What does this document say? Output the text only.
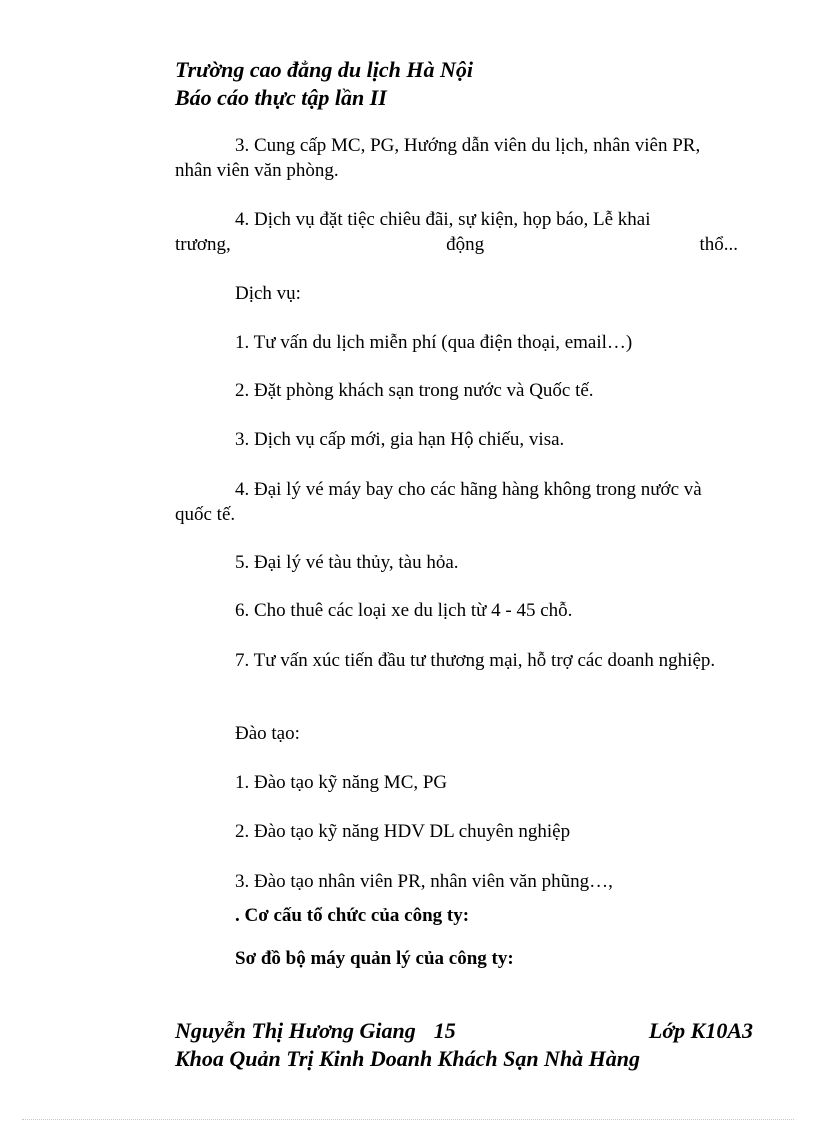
Trường cao đẳng du lịch Hà Nội
Báo cáo thực tập lần II
3. Cung cấp MC, PG, Hướng dẫn viên du lịch, nhân viên PR, nhân viên văn phòng.
4. Dịch vụ đặt tiệc chiêu đãi, sự kiện, họp báo, Lễ khai
trương,	động	thổ...
Dịch vụ:
1. Tư vấn du lịch miễn phí (qua điện thoại, email…)
2. Đặt phòng khách sạn trong nước và Quốc tế.
3. Dịch vụ cấp mới, gia hạn Hộ chiếu, visa.
4. Đại lý vé máy bay cho các hãng hàng không trong nước và quốc tế.
5. Đại lý vé tàu thủy, tàu hỏa.
6. Cho thuê các loại xe du lịch từ 4 - 45 chỗ.
7. Tư vấn xúc tiến đầu tư thương mại, hỗ trợ các doanh nghiệp.
Đào tạo:
1. Đào tạo kỹ năng MC, PG
2. Đào tạo kỹ năng HDV DL chuyên nghiệp
3. Đào tạo nhân viên PR, nhân viên văn phũng…,
. Cơ cấu tổ chức của công ty:
Sơ đồ bộ máy quản lý của công ty:
Nguyễn Thị Hương Giang 15	Lớp K10A3
Khoa Quản Trị Kinh Doanh Khách Sạn Nhà Hàng
